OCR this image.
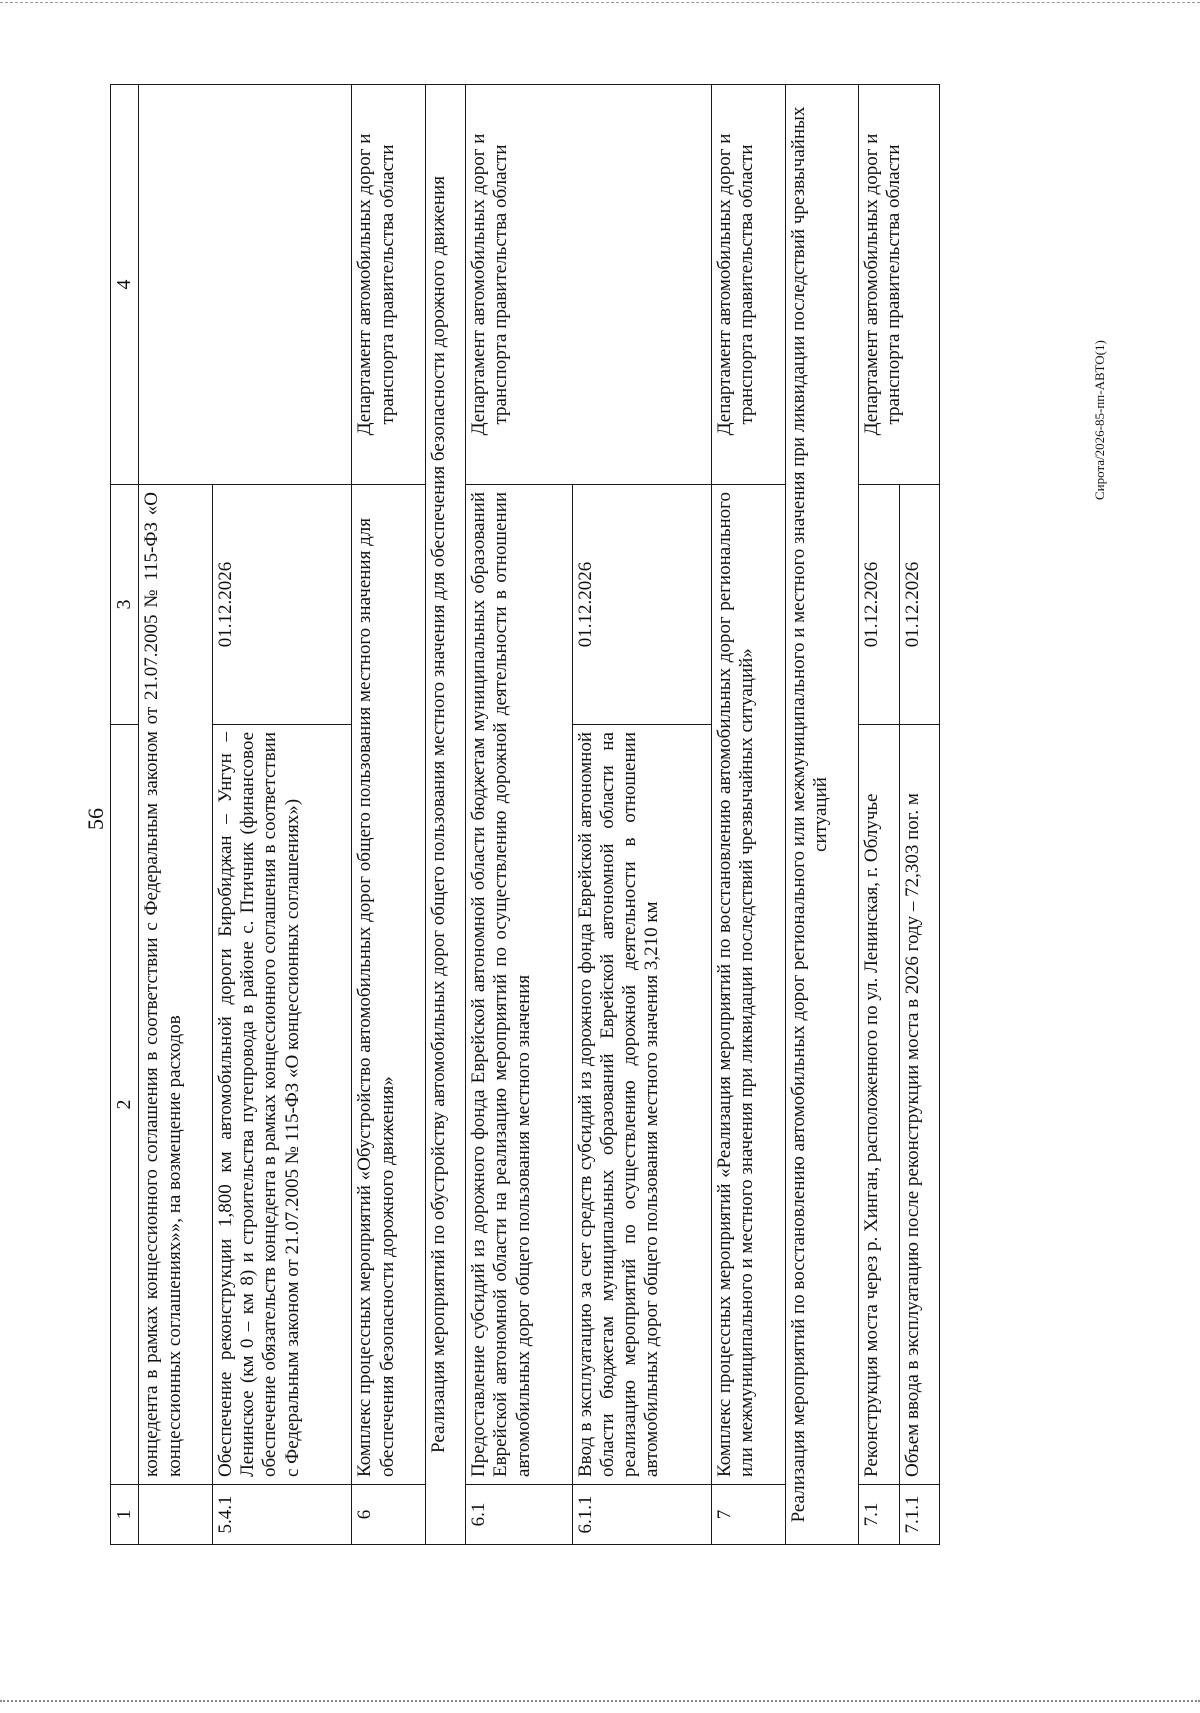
56
Сирота/2026-85-пп-АВТО(1)
1	2	3	4
	концедента в рамках концессионного соглашения в соответствии с Федеральным законом от 21.07.2005 № 115-ФЗ «О концессионных соглашениях»», на возмещение расходов		
5.4.1	Обеспечение реконструкции 1,800 км автомобильной дороги Биробиджан – Унгун – Ленинское (км 0 – км 8) и строительства путепровода в районе с. Птичник (финансовое обеспечение обязательств концедента в рамках концессионного соглашения в соответствии с Федеральным законом от 21.07.2005 № 115-ФЗ «О концессионных соглашениях»)	01.12.2026	
6	Комплекс процессных мероприятий «Обустройство автомобильных дорог общего пользования местного значения для обеспечения безопасности дорожного движения»		Департамент автомобильных дорог и транспорта правительства области
Реализация мероприятий по обустройству автомобильных дорог общего пользования местного значения для обеспечения безопасности дорожного движения			
6.1	Предоставление субсидий из дорожного фонда Еврейской автономной области бюджетам муниципальных образований Еврейской автономной области на реализацию мероприятий по осуществлению дорожной деятельности в отношении автомобильных дорог общего пользования местного значения		Департамент автомобильных дорог и транспорта правительства области
6.1.1	Ввод в эксплуатацию за счет средств субсидий из дорожного фонда Еврейской автономной области бюджетам муниципальных образований Еврейской автономной области на реализацию мероприятий по осуществлению дорожной деятельности в отношении автомобильных дорог общего пользования местного значения 3,210 км	01.12.2026	
7	Комплекс процессных мероприятий «Реализация мероприятий по восстановлению автомобильных дорог регионального или межмуниципального и местного значения при ликвидации последствий чрезвычайных ситуаций»		Департамент автомобильных дорог и транспорта правительства области
Реализация мероприятий по восстановлению автомобильных дорог регионального или межмуниципального и местного значения при ликвидации последствий чрезвычайных ситуаций			
7.1	Реконструкция моста через р. Хинган, расположенного по ул. Ленинская, г. Облучье	01.12.2026	Департамент автомобильных дорог и транспорта правительства области
7.1.1	Объем ввода в эксплуатацию после реконструкции моста в 2026 году – 72,303 пог. м	01.12.2026	
